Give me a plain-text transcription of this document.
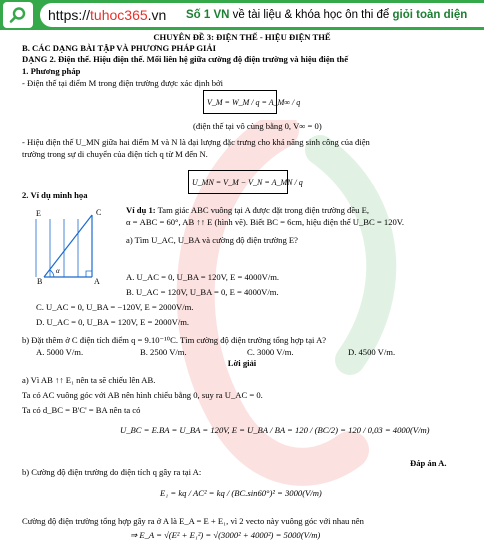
https://tuhoc365.vn	Số 1 VN về tài liệu & khóa học ôn thi để giỏi toàn diện
CHUYÊN ĐỀ 3: ĐIỆN THẾ - HIỆU ĐIỆN THẾ
B. CÁC DẠNG BÀI TẬP VÀ PHƯƠNG PHÁP GIẢI
DẠNG 2. Điện thế. Hiệu điện thế. Mối liên hệ giữa cường độ điện trường và hiệu điện thế
1. Phương pháp
- Điện thế tại điểm M trong điện trường được xác định bởi
V_M = W_M / q = A_M∞ / q
(điện thế tại vô cùng bằng 0, V∞ = 0)
- Hiệu điện thế U_MN giữa hai điểm M và N là đại lượng đặc trưng cho khả năng sinh công của điện
trường trong sự di chuyển của điện tích q từ M đến N.
U_MN = V_M − V_N = A_MN / q
2. Ví dụ minh họa
E	C
B	A
α
Ví dụ 1: Tam giác ABC vuông tại A được đặt trong điện trường đều E,
α = ABC = 60°, AB ↑↑ E (hình vẽ). Biết BC = 6cm, hiệu điện thế U_BC = 120V.
a) Tìm U_AC, U_BA và cường độ điện trường E?
A. U_AC = 0, U_BA = 120V, E = 4000V/m.
B. U_AC = 120V, U_BA = 0, E = 4000V/m.
C. U_AC = 0, U_BA = −120V, E = 2000V/m.
D. U_AC = 0, U_BA = 120V, E = 2000V/m.
b) Đặt thêm ở C điện tích điểm q = 9.10⁻¹⁰C. Tìm cường độ điện trường tổng hợp tại A?
A. 5000 V/m.	B. 2500 V/m.	C. 3000 V/m.	D. 4500 V/m.
Lời giải
a) Vì AB ↑↑ E₁ nên ta sẽ chiếu lên AB.
Ta có AC vuông góc với AB nên hình chiếu bằng 0, suy ra U_AC = 0.
Ta có d_BC = B'C' = BA nên ta có
U_BC = E.BA = U_BA = 120V, E = U_BA / BA = 120 / (BC/2) = 120 / 0,03 = 4000(V/m)
Đáp án A.
b) Cường độ điện trường do điện tích q gây ra tại A:
E₁ = kq / AC² = kq / (BC.sin60°)² = 3000(V/m)
Cường độ điện trường tổng hợp gây ra ở A là E_A = E + E₁, vì 2 vecto này vuông góc với nhau nên
⇒ E_A = √(E² + E₁²) = √(3000² + 4000²) = 5000(V/m)
